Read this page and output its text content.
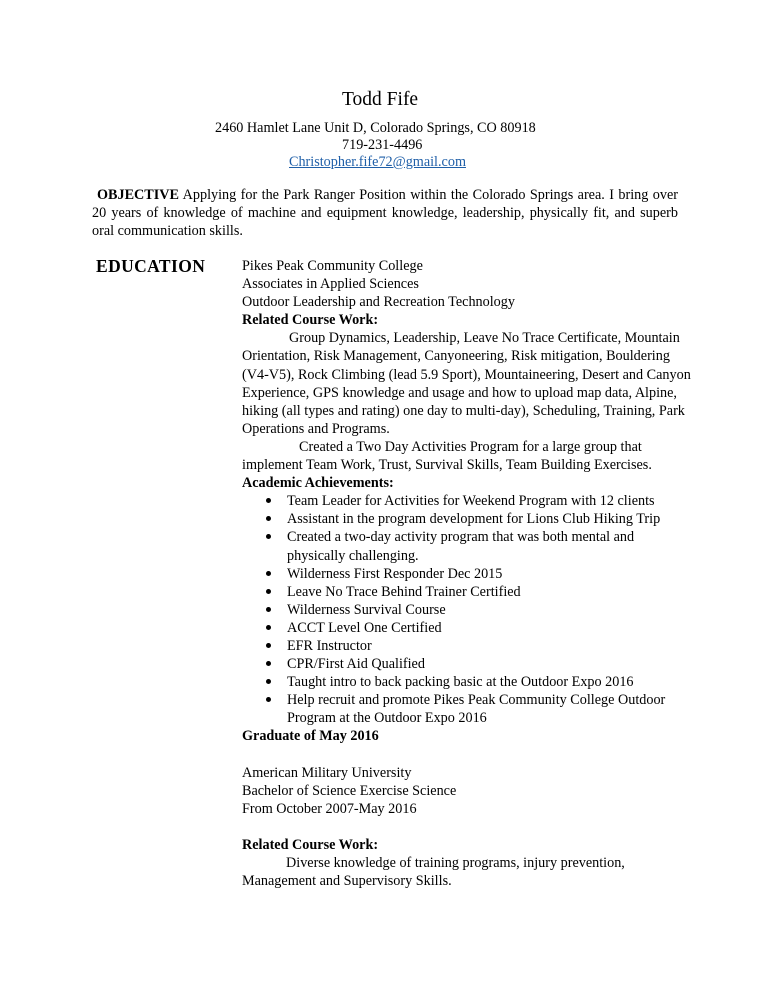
Todd Fife
2460 Hamlet Lane Unit D, Colorado Springs, CO 80918
719-231-4496
Christopher.fife72@gmail.com
OBJECTIVE Applying for the Park Ranger Position within the Colorado Springs area. I bring over 20 years of knowledge of machine and equipment knowledge, leadership, physically fit, and superb oral communication skills.
EDUCATION	Pikes Peak Community College
Associates in Applied Sciences
Outdoor Leadership and Recreation Technology
Related Course Work:
Group Dynamics, Leadership, Leave No Trace Certificate, Mountain Orientation, Risk Management, Canyoneering, Risk mitigation, Bouldering (V4-V5), Rock Climbing (lead 5.9 Sport), Mountaineering, Desert and Canyon Experience, GPS knowledge and usage and how to upload map data, Alpine, hiking (all types and rating) one day to multi-day), Scheduling, Training, Park Operations and Programs.
Created a Two Day Activities Program for a large group that implement Team Work, Trust, Survival Skills, Team Building Exercises.
Academic Achievements:
Team Leader for Activities for Weekend Program with 12 clients
Assistant in the program development for Lions Club Hiking Trip
Created a two-day activity program that was both mental and physically challenging.
Wilderness First Responder Dec 2015
Leave No Trace Behind Trainer Certified
Wilderness Survival Course
ACCT Level One Certified
EFR Instructor
CPR/First Aid Qualified
Taught intro to back packing basic at the Outdoor Expo 2016
Help recruit and promote Pikes Peak Community College Outdoor Program at the Outdoor Expo 2016
Graduate of May 2016
American Military University
Bachelor of Science Exercise Science
From October 2007-May 2016
Related Course Work:
Diverse knowledge of training programs, injury prevention, Management and Supervisory Skills.
